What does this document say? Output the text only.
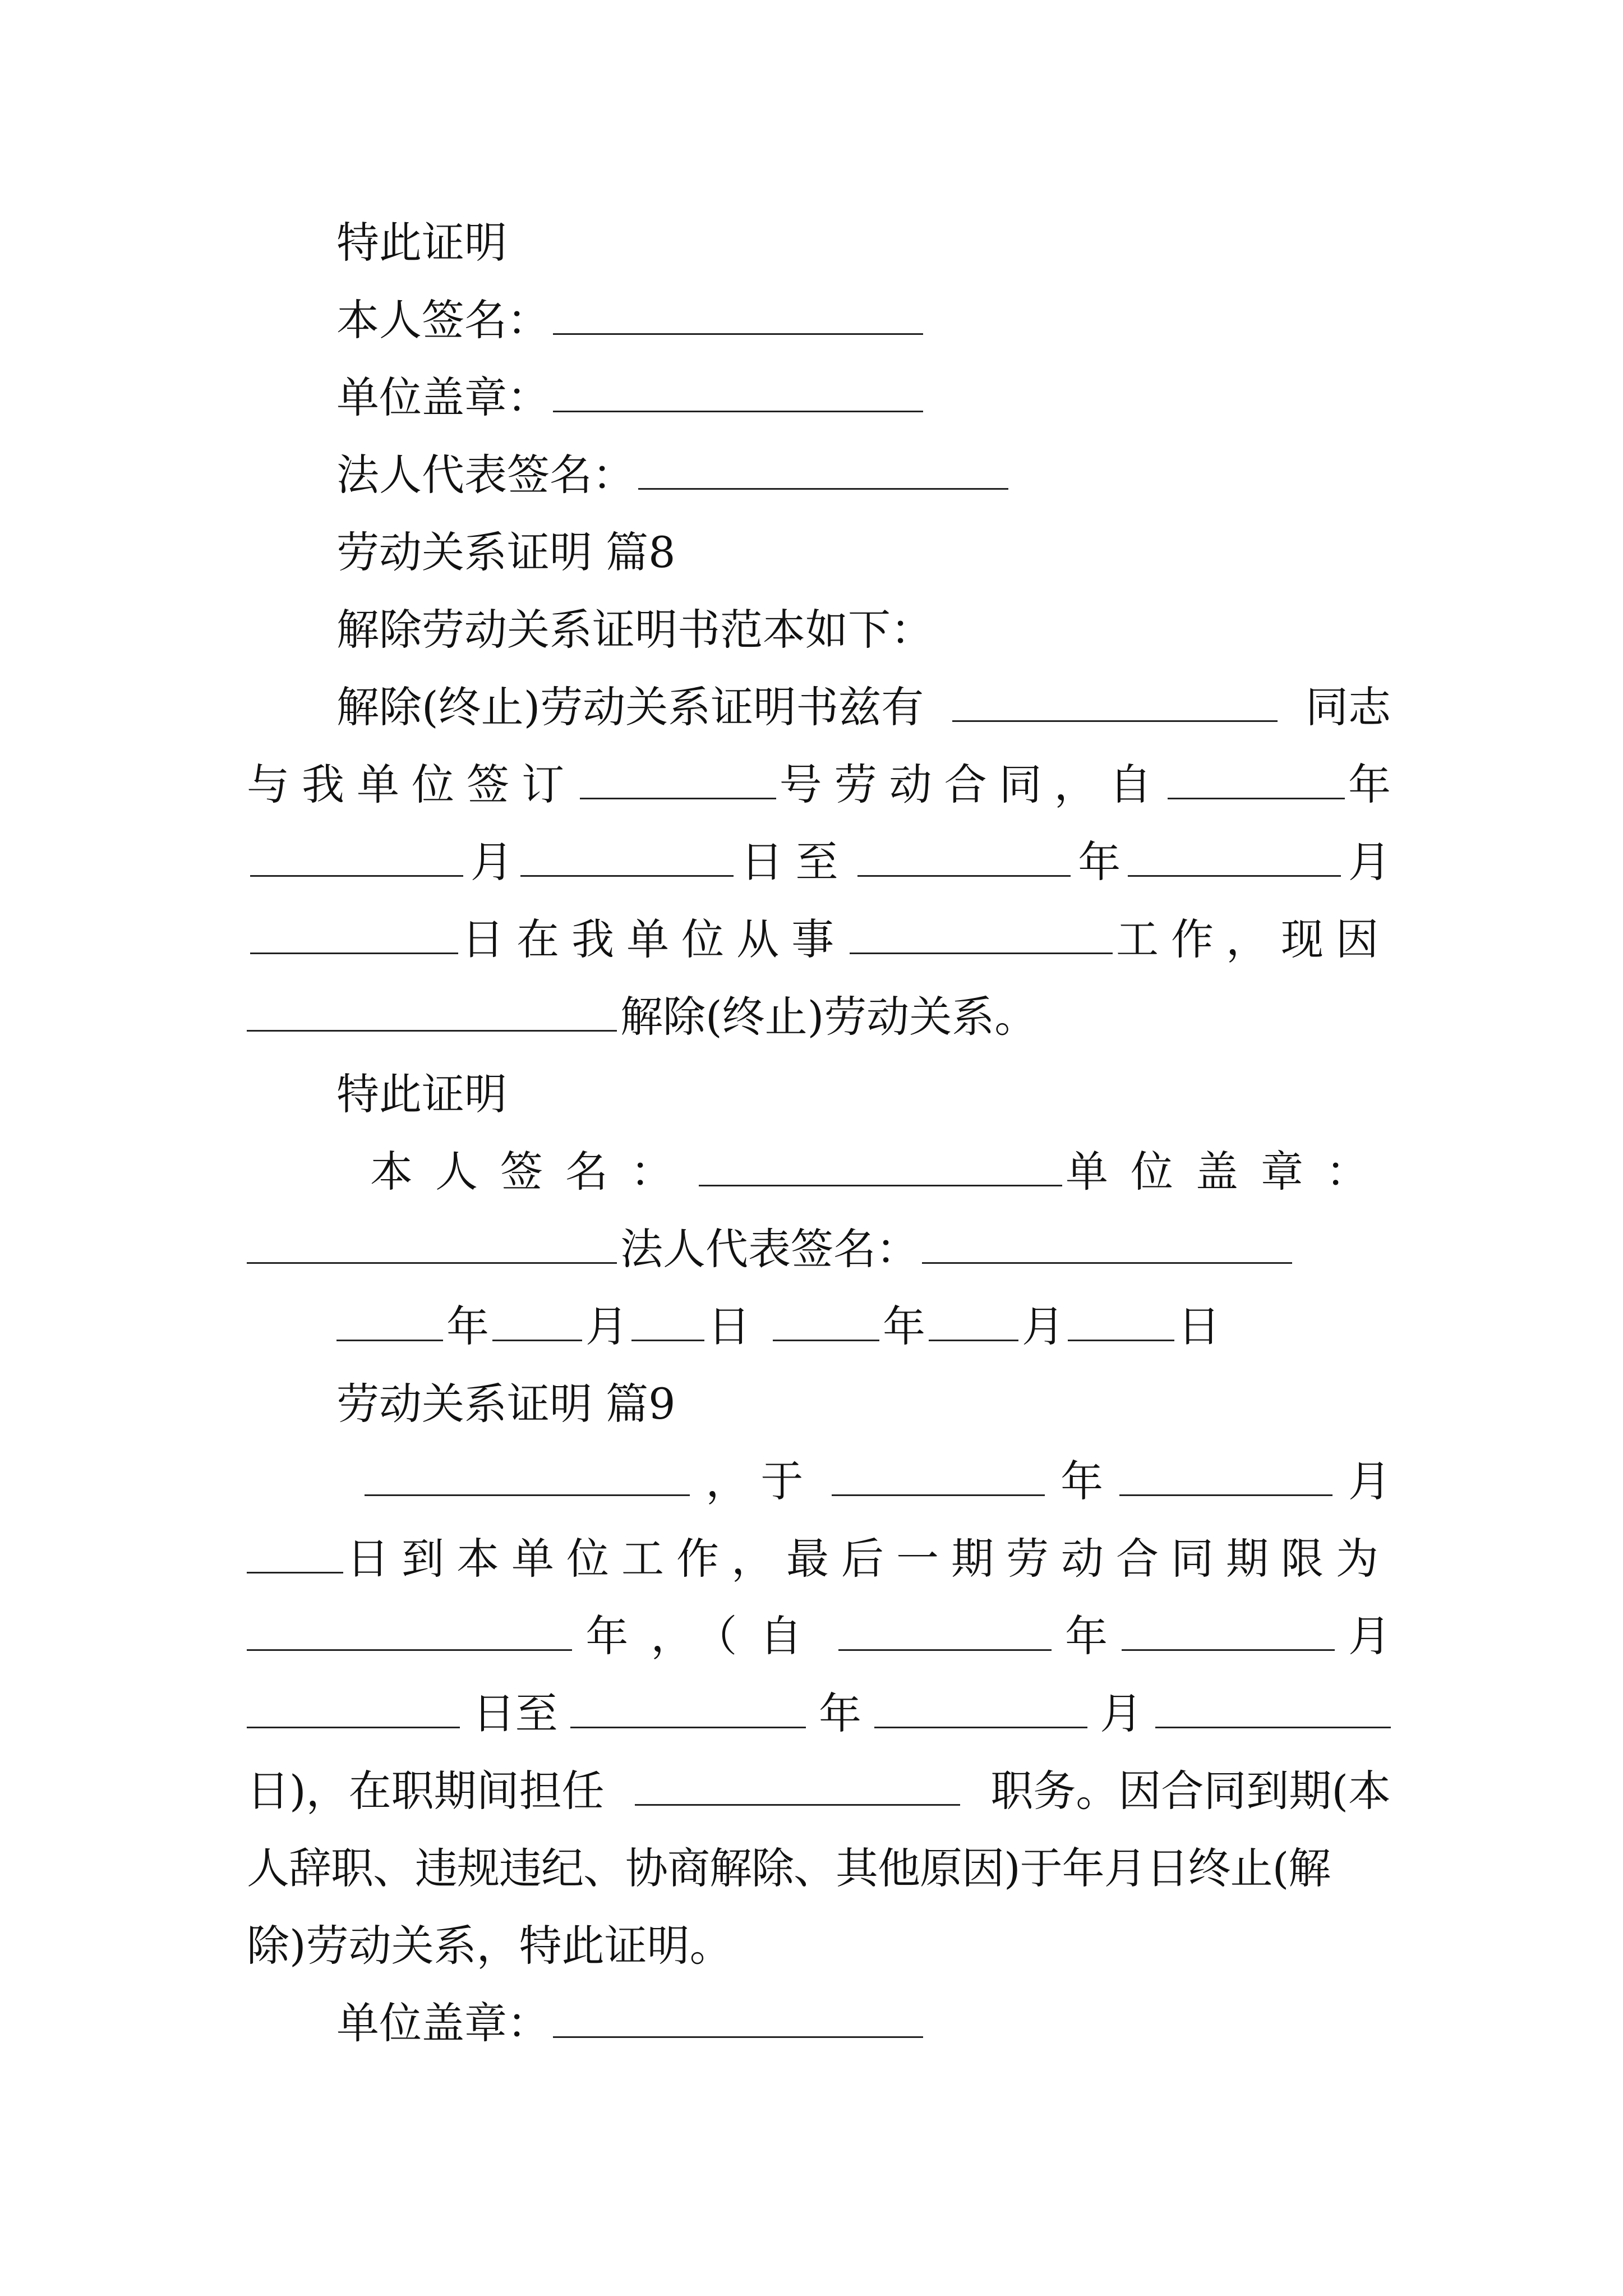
特此证明
本人签名：
单位盖章：
法人代表签名：
劳动关系证明 篇8
解除劳动关系证明书范本如下：
解除(终止)劳动关系证明书兹有	同志
与我单位签订	号劳动合同，自	年
月	日至	年	月
日在我单位从事	工作，现因
解除(终止)劳动关系。
特此证明
本人签名：	单位盖章：
法人代表签名：
年 月 日	年 月	日
劳动关系证明 篇9
，于	年	月
日到本单位工作，最后一期劳动合同期限为
年，（自	年	月
日至	年	月
日)，在职期间担任	职务。因合同到期(本
人辞职、违规违纪、协商解除、其他原因)于年月日终止(解
除)劳动关系，特此证明。
单位盖章：
